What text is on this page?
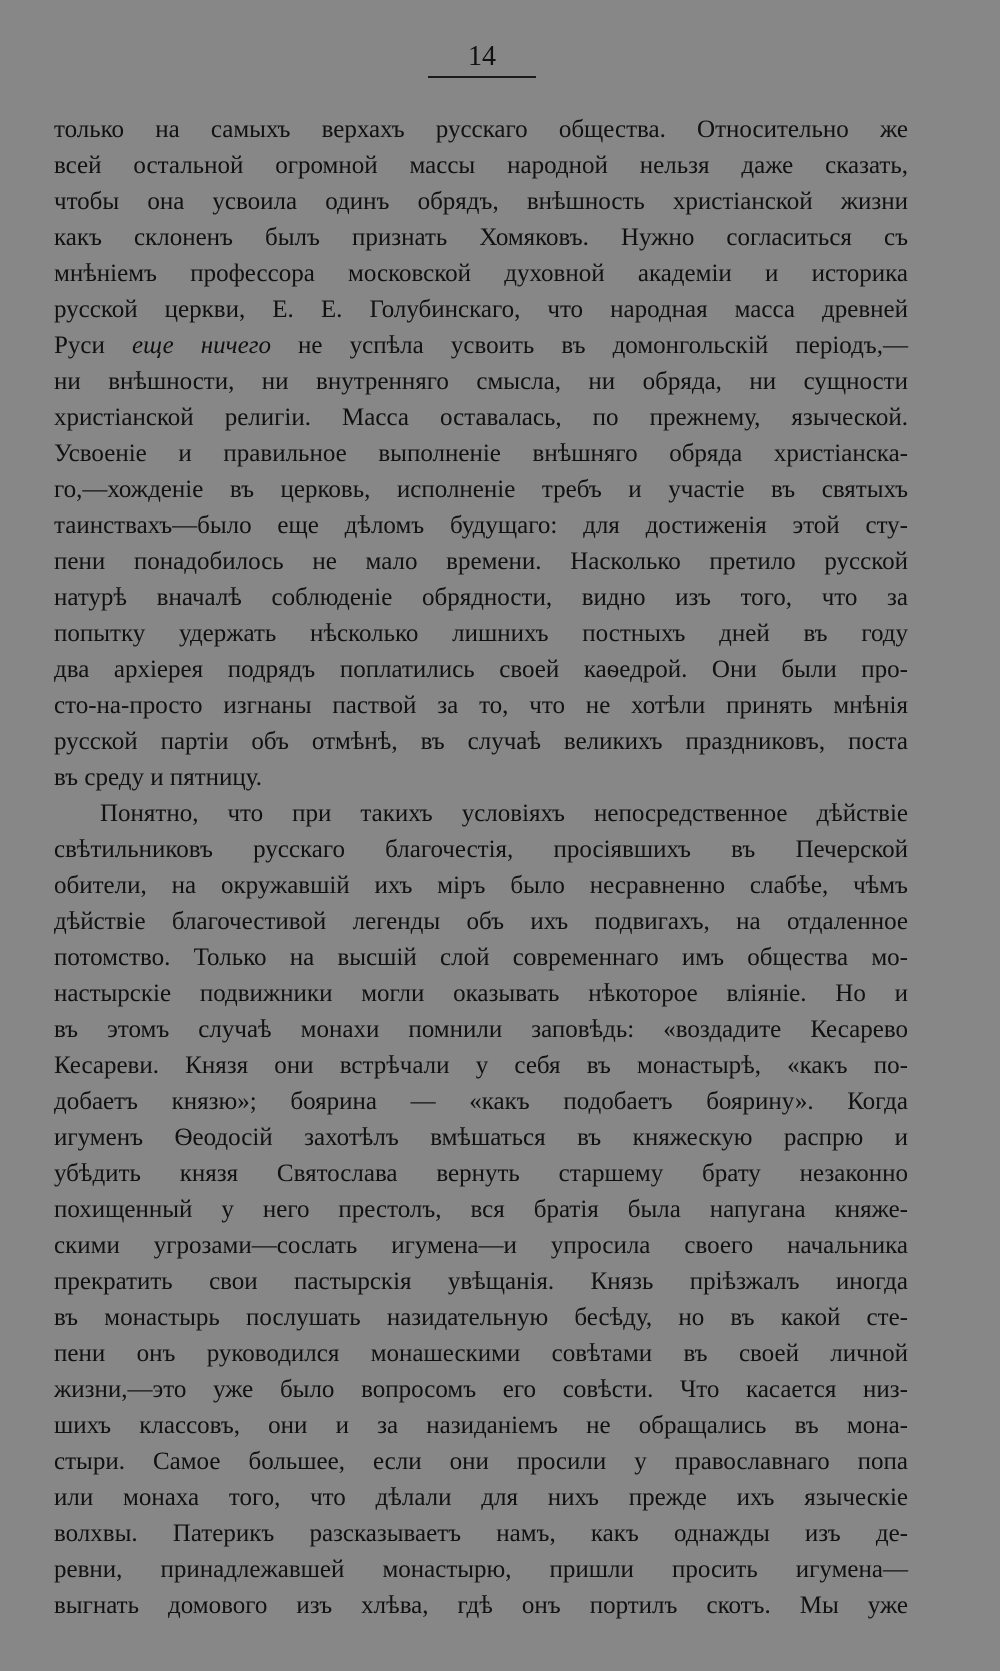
14
только на самыхъ верхахъ русскаго общества. Относительно же
всей остальной огромной массы народной нельзя даже сказать,
чтобы она усвоила одинъ обрядъ, внѣшность христіанской жизни
какъ склоненъ былъ признать Хомяковъ. Нужно согласиться съ
мнѣніемъ профессора московской духовной академіи и историка
русской церкви, Е. Е. Голубинскаго, что народная масса древней
Руси еще ничего не успѣла усвоить въ домонгольскій періодъ,—
ни внѣшности, ни внутренняго смысла, ни обряда, ни сущности
христіанской религіи. Масса оставалась, по прежнему, языческой.
Усвоеніе и правильное выполненіе внѣшняго обряда христіанска-
го,—хожденіе въ церковь, исполненіе требъ и участіе въ святыхъ
таинствахъ—было еще дѣломъ будущаго: для достиженія этой сту-
пени понадобилось не мало времени. Насколько претило русской
натурѣ вначалѣ соблюденіе обрядности, видно изъ того, что за
попытку удержать нѣсколько лишнихъ постныхъ дней въ году
два архіерея подрядъ поплатились своей каѳедрой. Они были про-
сто-на-просто изгнаны паствой за то, что не хотѣли принять мнѣнія
русской партіи объ отмѣнѣ, въ случаѣ великихъ праздниковъ, поста
въ среду и пятницу.
Понятно, что при такихъ условіяхъ непосредственное дѣйствіе
свѣтильниковъ русскаго благочестія, просіявшихъ въ Печерской
обители, на окружавшій ихъ міръ было несравненно слабѣе, чѣмъ
дѣйствіе благочестивой легенды объ ихъ подвигахъ, на отдаленное
потомство. Только на высшій слой современнаго имъ общества мо-
настырскіе подвижники могли оказывать нѣкоторое вліяніе. Но и
въ этомъ случаѣ монахи помнили заповѣдь: «воздадите Кесарево
Кесареви. Князя они встрѣчали у себя въ монастырѣ, «какъ по-
добаетъ князю»; боярина — «какъ подобаетъ боярину». Когда
игуменъ Ѳеодосій захотѣлъ вмѣшаться въ княжескую распрю и
убѣдить князя Святослава вернуть старшему брату незаконно
похищенный у него престолъ, вся братія была напугана княже-
скими угрозами—сослать игумена—и упросила своего начальника
прекратить свои пастырскія увѣщанія. Князь пріѣзжалъ иногда
въ монастырь послушать назидательную бесѣду, но въ какой сте-
пени онъ руководился монашескими совѣтами въ своей личной
жизни,—это уже было вопросомъ его совѣсти. Что касается низ-
шихъ классовъ, они и за назиданіемъ не обращались въ мона-
стыри. Самое большее, если они просили у православнаго попа
или монаха того, что дѣлали для нихъ прежде ихъ языческіе
волхвы. Патерикъ разсказываетъ намъ, какъ однажды изъ де-
ревни, принадлежавшей монастырю, пришли просить игумена—
выгнать домового изъ хлѣва, гдѣ онъ портилъ скотъ. Мы уже
